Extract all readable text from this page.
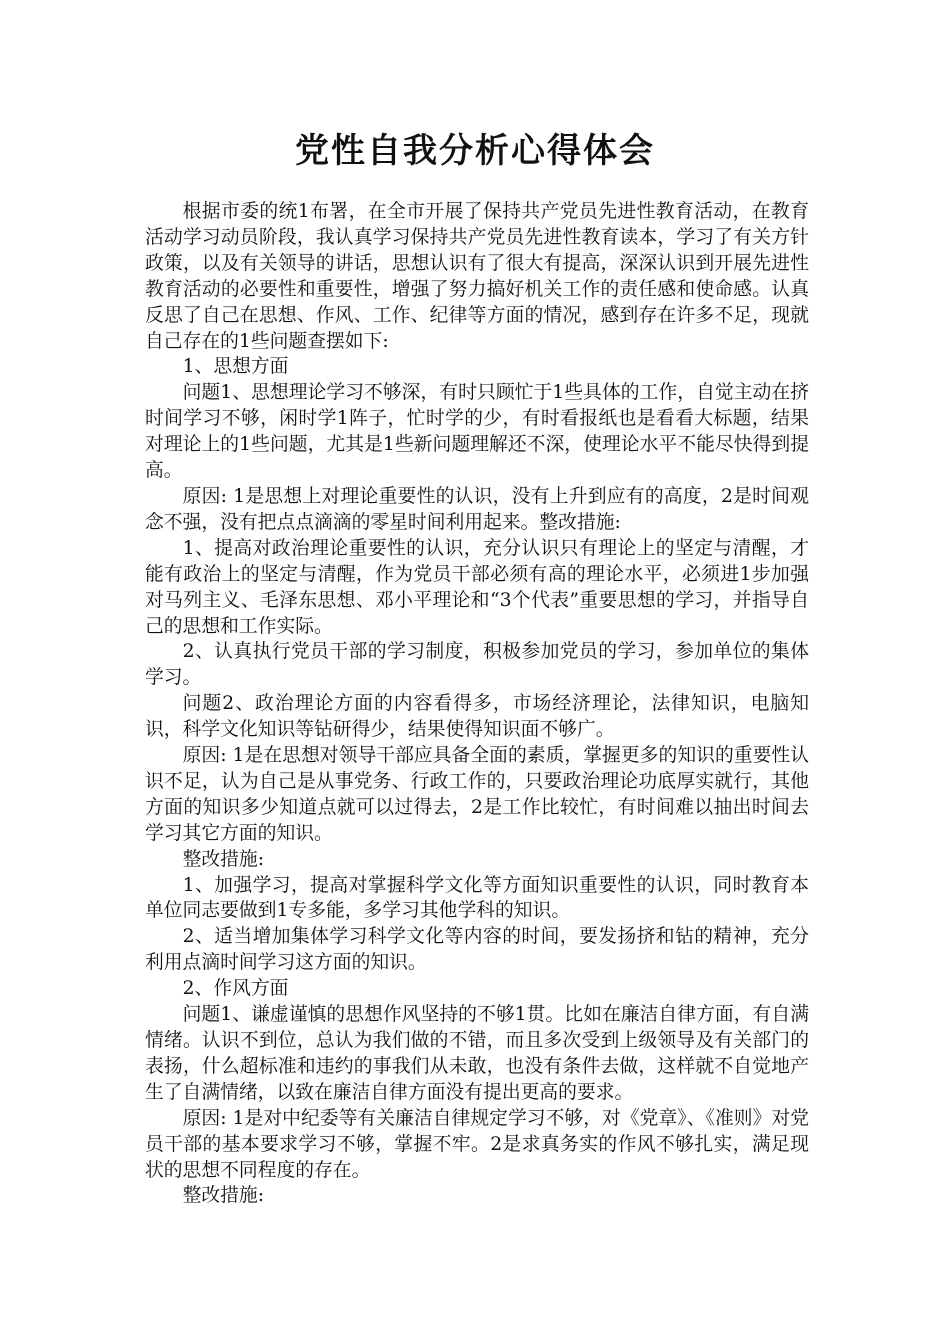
党性自我分析心得体会

根据市委的统1布署，在全市开展了保持共产党员先进性教育活动，在教育活动学习动员阶段，我认真学习保持共产党员先进性教育读本，学习了有关方针政策，以及有关领导的讲话，思想认识有了很大有提高，深深认识到开展先进性教育活动的必要性和重要性，增强了努力搞好机关工作的责任感和使命感。认真反思了自己在思想、作风、工作、纪律等方面的情况，感到存在许多不足，现就自己存在的1些问题查摆如下:

1、思想方面

问题1、思想理论学习不够深，有时只顾忙于1些具体的工作，自觉主动在挤时间学习不够，闲时学1阵子，忙时学的少，有时看报纸也是看看大标题，结果对理论上的1些问题，尤其是1些新问题理解还不深，使理论水平不能尽快得到提高。

原因: 1是思想上对理论重要性的认识，没有上升到应有的高度，2是时间观念不强，没有把点点滴滴的零星时间利用起来。整改措施:

1、提高对政治理论重要性的认识，充分认识只有理论上的坚定与清醒，才能有政治上的坚定与清醒，作为党员干部必须有高的理论水平，必须进1步加强对马列主义、毛泽东思想、邓小平理论和“3个代表”重要思想的学习，并指导自己的思想和工作实际。

2、认真执行党员干部的学习制度，积极参加党员的学习，参加单位的集体学习。

问题2、政治理论方面的内容看得多，市场经济理论，法律知识，电脑知识，科学文化知识等钻研得少，结果使得知识面不够广。

原因: 1是在思想对领导干部应具备全面的素质，掌握更多的知识的重要性认识不足，认为自己是从事党务、行政工作的，只要政治理论功底厚实就行，其他方面的知识多少知道点就可以过得去，2是工作比较忙，有时间难以抽出时间去学习其它方面的知识。

整改措施:

1、加强学习，提高对掌握科学文化等方面知识重要性的认识，同时教育本单位同志要做到1专多能，多学习其他学科的知识。

2、适当增加集体学习科学文化等内容的时间，要发扬挤和钻的精神，充分利用点滴时间学习这方面的知识。

2、作风方面

问题1、谦虚谨慎的思想作风坚持的不够1贯。比如在廉洁自律方面，有自满情绪。认识不到位，总认为我们做的不错，而且多次受到上级领导及有关部门的表扬，什么超标准和违约的事我们从未敢，也没有条件去做，这样就不自觉地产生了自满情绪，以致在廉洁自律方面没有提出更高的要求。

原因: 1是对中纪委等有关廉洁自律规定学习不够，对《党章》、《准则》对党员干部的基本要求学习不够，掌握不牢。2是求真务实的作风不够扎实，满足现状的思想不同程度的存在。

整改措施:
